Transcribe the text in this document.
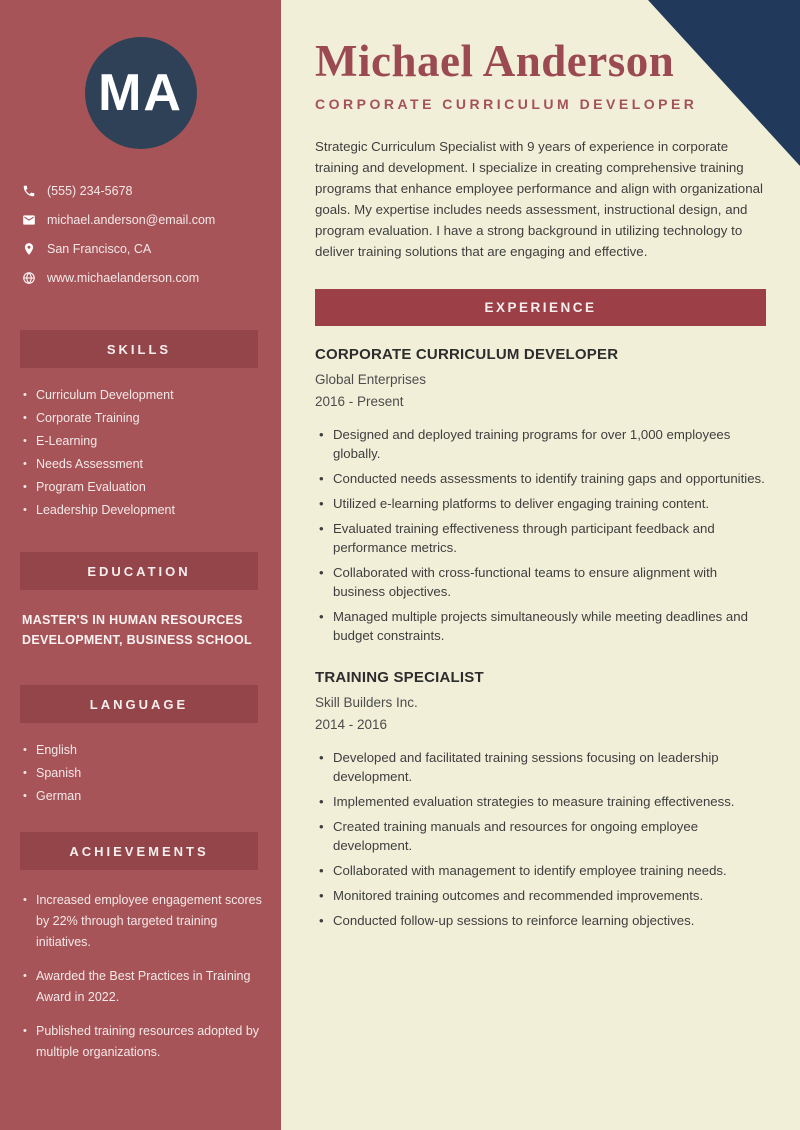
MA
(555) 234-5678
michael.anderson@email.com
San Francisco, CA
www.michaelanderson.com
SKILLS
• Curriculum Development
• Corporate Training
• E-Learning
• Needs Assessment
• Program Evaluation
• Leadership Development
EDUCATION

MASTER'S IN HUMAN RESOURCES DEVELOPMENT, BUSINESS SCHOOL

LANGUAGE
• English
• Spanish
• German
ACHIEVEMENTS
• Increased employee engagement scores by 22% through targeted training initiatives.
• Awarded the Best Practices in Training Award in 2022.
• Published training resources adopted by multiple organizations.
Michael Anderson
CORPORATE CURRICULUM DEVELOPER

Strategic Curriculum Specialist with 9 years of experience in corporate training and development. I specialize in creating comprehensive training programs that enhance employee performance and align with organizational goals. My expertise includes needs assessment, instructional design, and program evaluation. I have a strong background in utilizing technology to deliver training solutions that are engaging and effective.

EXPERIENCE
CORPORATE CURRICULUM DEVELOPER
Global Enterprises
2016 - Present
• Designed and deployed training programs for over 1,000 employees globally.
• Conducted needs assessments to identify training gaps and opportunities.
• Utilized e-learning platforms to deliver engaging training content.
• Evaluated training effectiveness through participant feedback and performance metrics.
• Collaborated with cross-functional teams to ensure alignment with business objectives.
• Managed multiple projects simultaneously while meeting deadlines and budget constraints.
TRAINING SPECIALIST
Skill Builders Inc.
2014 - 2016
• Developed and facilitated training sessions focusing on leadership development.
• Implemented evaluation strategies to measure training effectiveness.
• Created training manuals and resources for ongoing employee development.
• Collaborated with management to identify employee training needs.
• Monitored training outcomes and recommended improvements.
• Conducted follow-up sessions to reinforce learning objectives.
